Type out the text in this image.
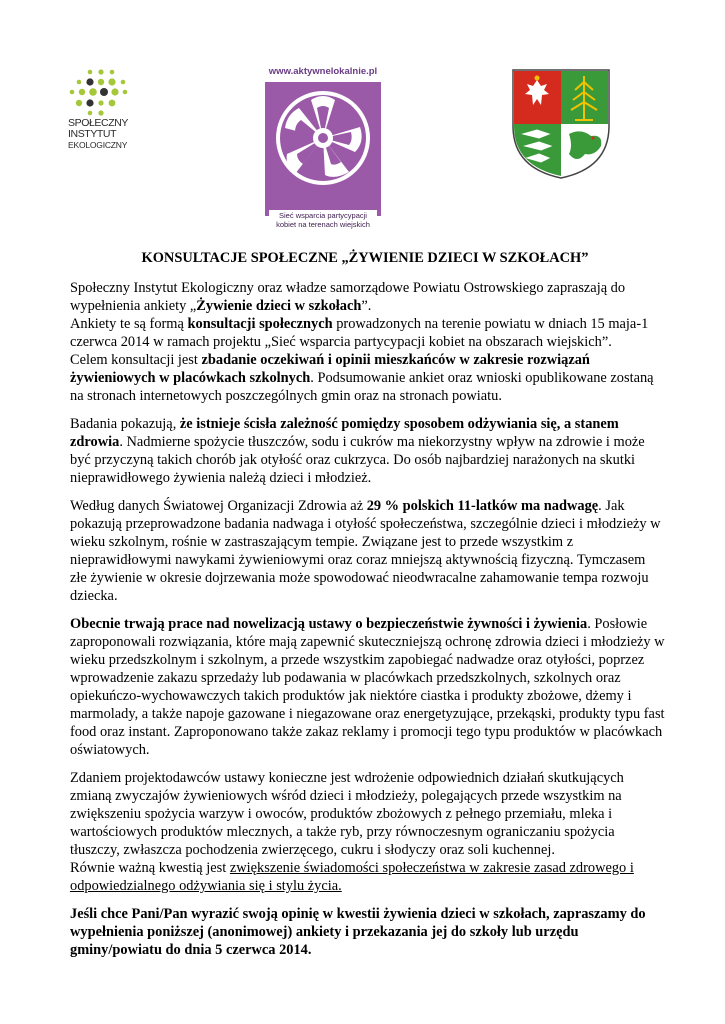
SPOŁECZNY
INSTYTUT
EKOLOGICZNY
www.aktywnelokalnie.pl
Sieć wsparcia partycypacji
kobiet na terenach wiejskich
KONSULTACJE SPOŁECZNE „ŻYWIENIE DZIECI W SZKOŁACH”

Społeczny Instytut Ekologiczny oraz władze samorządowe Powiatu Ostrowskiego zapraszają do wypełnienia ankiety „Żywienie dzieci w szkołach”.
Ankiety te są formą konsultacji społecznych prowadzonych na terenie powiatu w dniach 15 maja-1 czerwca 2014 w ramach projektu „Sieć wsparcia partycypacji kobiet na obszarach wiejskich”.
Celem konsultacji jest zbadanie oczekiwań i opinii mieszkańców w zakresie rozwiązań żywieniowych w placówkach szkolnych. Podsumowanie ankiet oraz wnioski opublikowane zostaną na stronach internetowych poszczególnych gmin oraz na stronach powiatu.

Badania pokazują, że istnieje ścisła zależność pomiędzy sposobem odżywiania się, a stanem zdrowia. Nadmierne spożycie tłuszczów, sodu i cukrów ma niekorzystny wpływ na zdrowie i może być przyczyną takich chorób jak otyłość oraz cukrzyca. Do osób najbardziej narażonych na skutki nieprawidłowego żywienia należą dzieci i młodzież.

Według danych Światowej Organizacji Zdrowia aż 29 % polskich 11-latków ma nadwagę. Jak pokazują przeprowadzone badania nadwaga i otyłość społeczeństwa, szczególnie dzieci i młodzieży w wieku szkolnym, rośnie w zastraszającym tempie. Związane jest to przede wszystkim z nieprawidłowymi nawykami żywieniowymi oraz coraz mniejszą aktywnością fizyczną. Tymczasem złe żywienie w okresie dojrzewania może spowodować nieodwracalne zahamowanie tempa rozwoju dziecka.

Obecnie trwają prace nad nowelizacją ustawy o bezpieczeństwie żywności i żywienia. Posłowie zaproponowali rozwiązania, które mają zapewnić skuteczniejszą ochronę zdrowia dzieci i młodzieży w wieku przedszkolnym i szkolnym, a przede wszystkim zapobiegać nadwadze oraz otyłości, poprzez wprowadzenie zakazu sprzedaży lub podawania w placówkach przedszkolnych, szkolnych oraz opiekuńczo-wychowawczych takich produktów jak niektóre ciastka i produkty zbożowe, dżemy i marmolady, a także napoje gazowane i niegazowane oraz energetyzujące, przekąski, produkty typu fast food oraz instant. Zaproponowano także zakaz reklamy i promocji tego typu produktów w placówkach oświatowych.

Zdaniem projektodawców ustawy konieczne jest wdrożenie odpowiednich działań skutkujących zmianą zwyczajów żywieniowych wśród dzieci i młodzieży, polegających przede wszystkim na zwiększeniu spożycia warzyw i owoców, produktów zbożowych z pełnego przemiału, mleka i wartościowych produktów mlecznych, a także ryb, przy równoczesnym ograniczaniu spożycia tłuszczy, zwłaszcza pochodzenia zwierzęcego, cukru i słodyczy oraz soli kuchennej.
Równie ważną kwestią jest zwiększenie świadomości społeczeństwa w zakresie zasad zdrowego i odpowiedzialnego odżywiania się i stylu życia.

Jeśli chce Pani/Pan wyrazić swoją opinię w kwestii żywienia dzieci w szkołach, zapraszamy do wypełnienia poniższej (anonimowej) ankiety i przekazania jej do szkoły lub urzędu gminy/powiatu do dnia 5 czerwca 2014.
